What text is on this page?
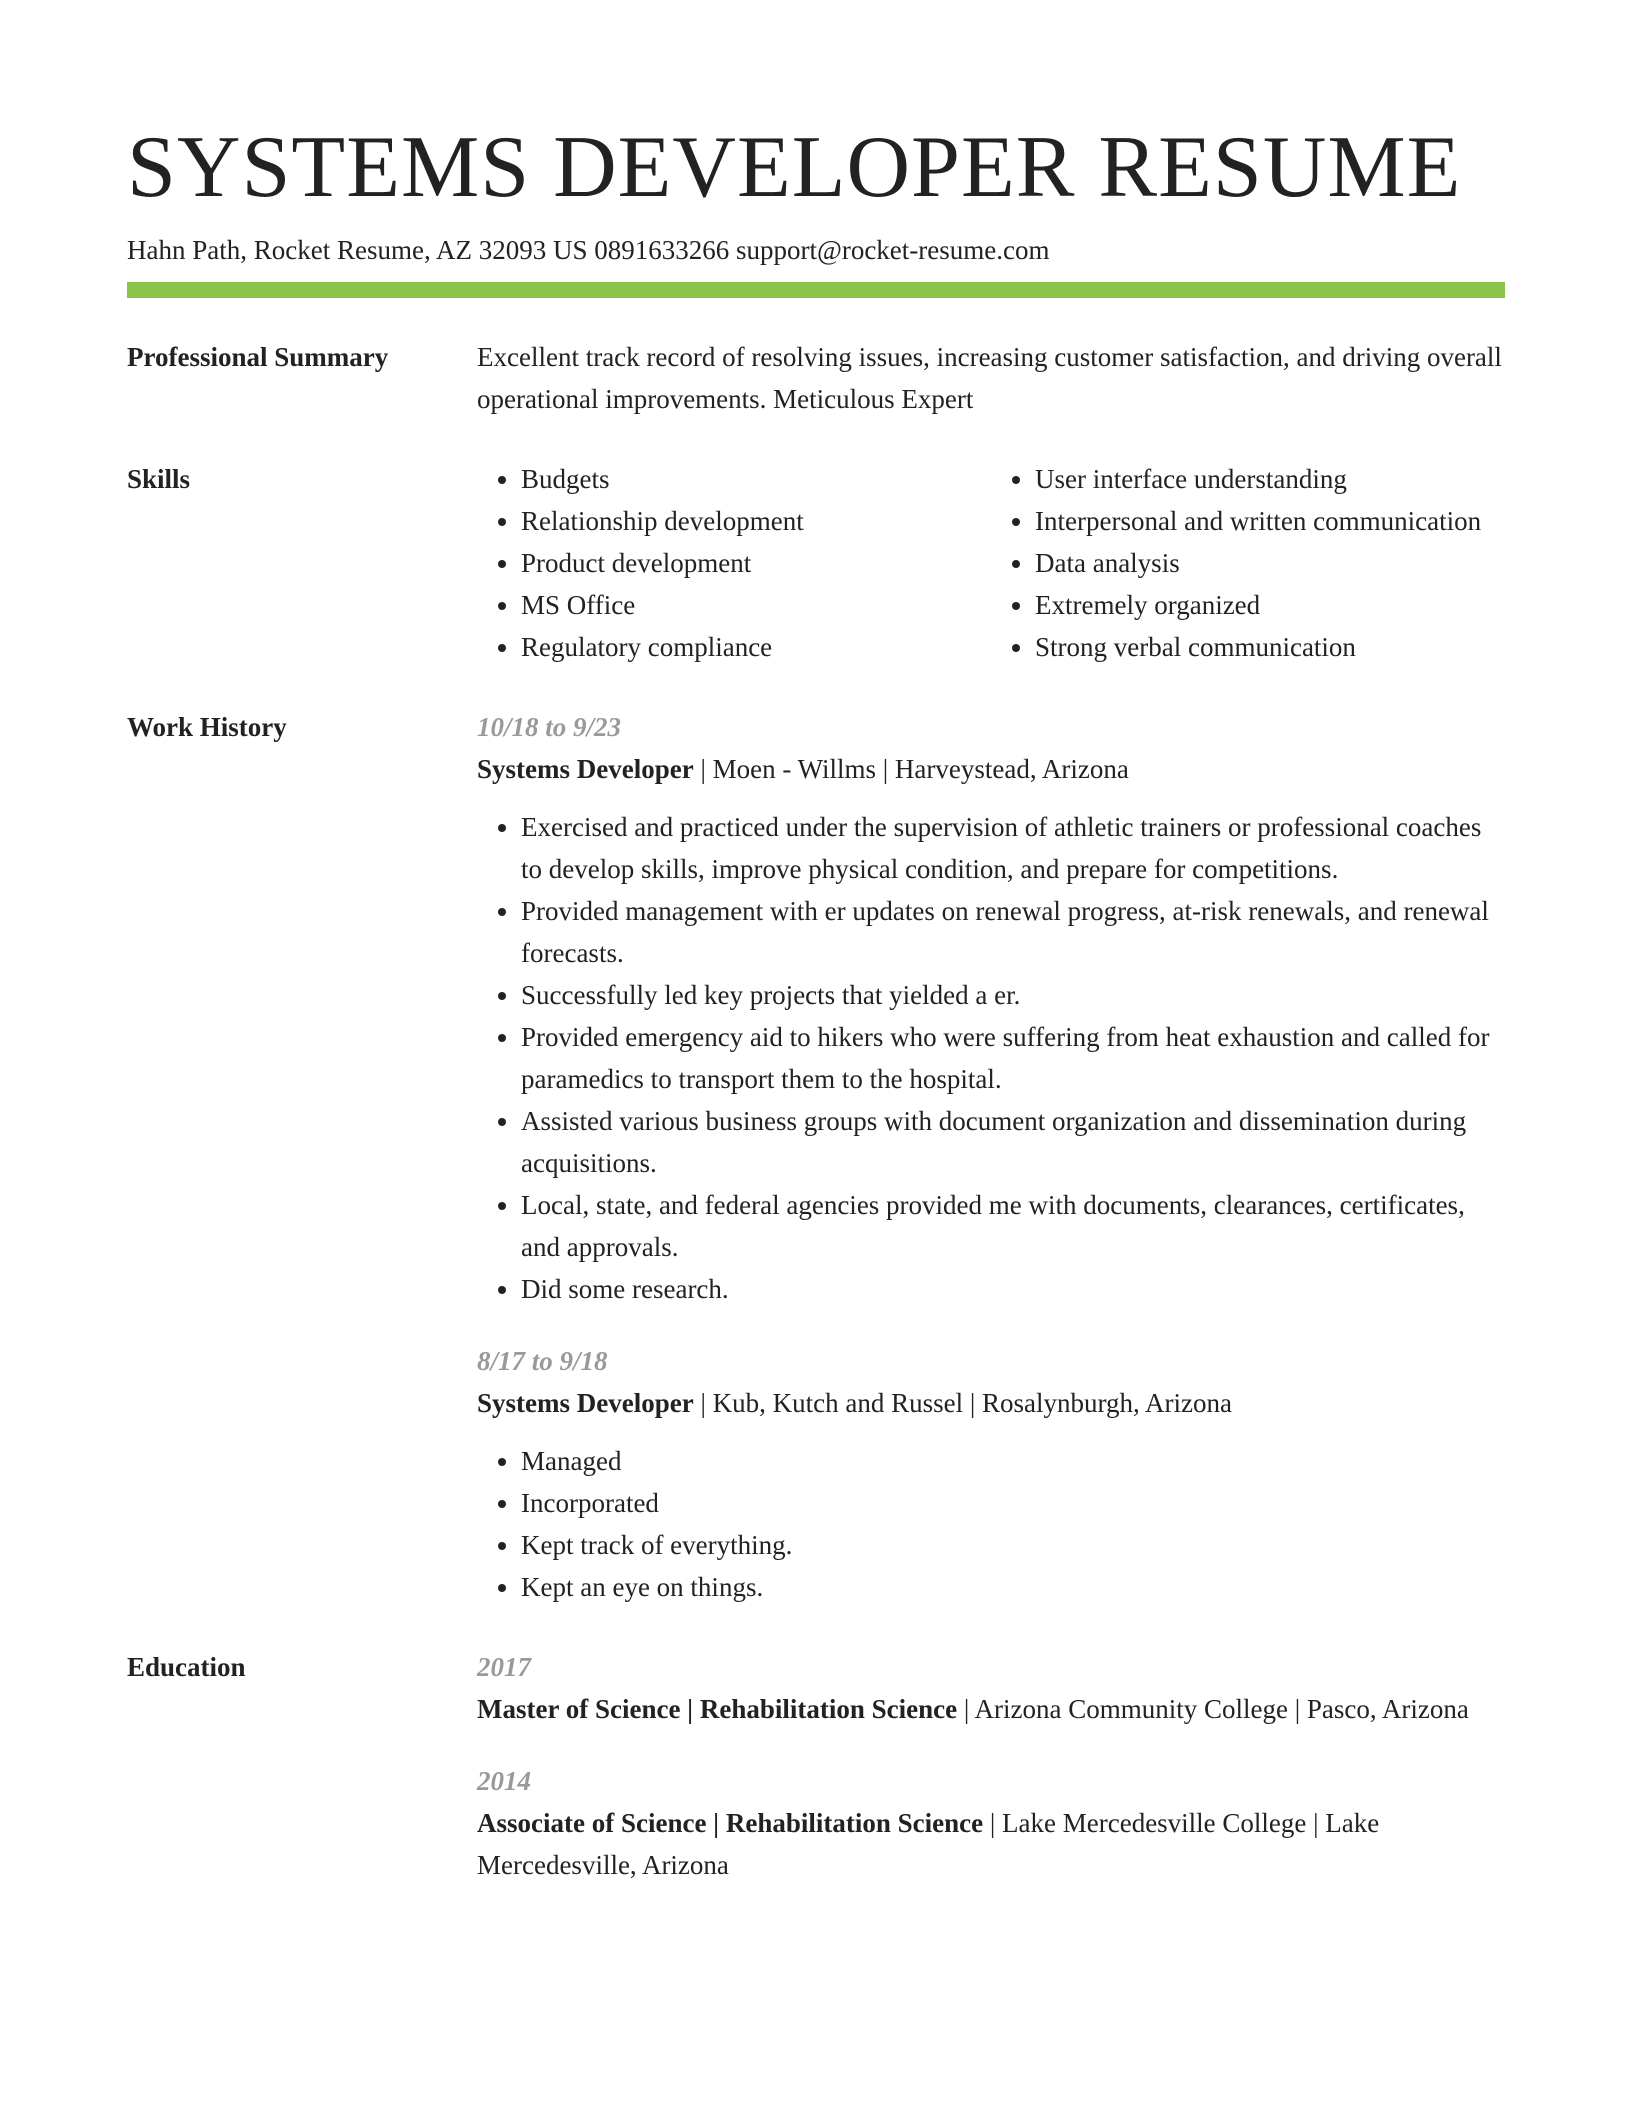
SYSTEMS DEVELOPER RESUME
Hahn Path, Rocket Resume, AZ 32093 US 0891633266 support@rocket-resume.com
Professional Summary	Excellent track record of resolving issues, increasing customer satisfaction, and driving overall operational improvements. Meticulous Expert

Skills
•	Budgets
• Relationship development
• Product development
• MS Office
• Regulatory compliance
• User interface understanding
• Interpersonal and written communication
• Data analysis
• Extremely organized
• Strong verbal communication
Work History	10/18 to 9/23
Systems Developer | Moen - Willms | Harveystead, Arizona
• Exercised and practiced under the supervision of athletic trainers or professional coaches to develop skills, improve physical condition, and prepare for competitions.
• Provided management with er updates on renewal progress, at-risk renewals, and renewal forecasts.
• Successfully led key projects that yielded a er.
• Provided emergency aid to hikers who were suffering from heat exhaustion and called for paramedics to transport them to the hospital.
• Assisted various business groups with document organization and dissemination during acquisitions.
• Local, state, and federal agencies provided me with documents, clearances, certificates, and approvals.
• Did some research.
8/17 to 9/18
Systems Developer | Kub, Kutch and Russel | Rosalynburgh, Arizona
• Managed
• Incorporated
• Kept track of everything.
• Kept an eye on things.
Education	2017
Master of Science | Rehabilitation Science | Arizona Community College | Pasco, Arizona
2014
Associate of Science | Rehabilitation Science | Lake Mercedesville College | Lake Mercedesville, Arizona
